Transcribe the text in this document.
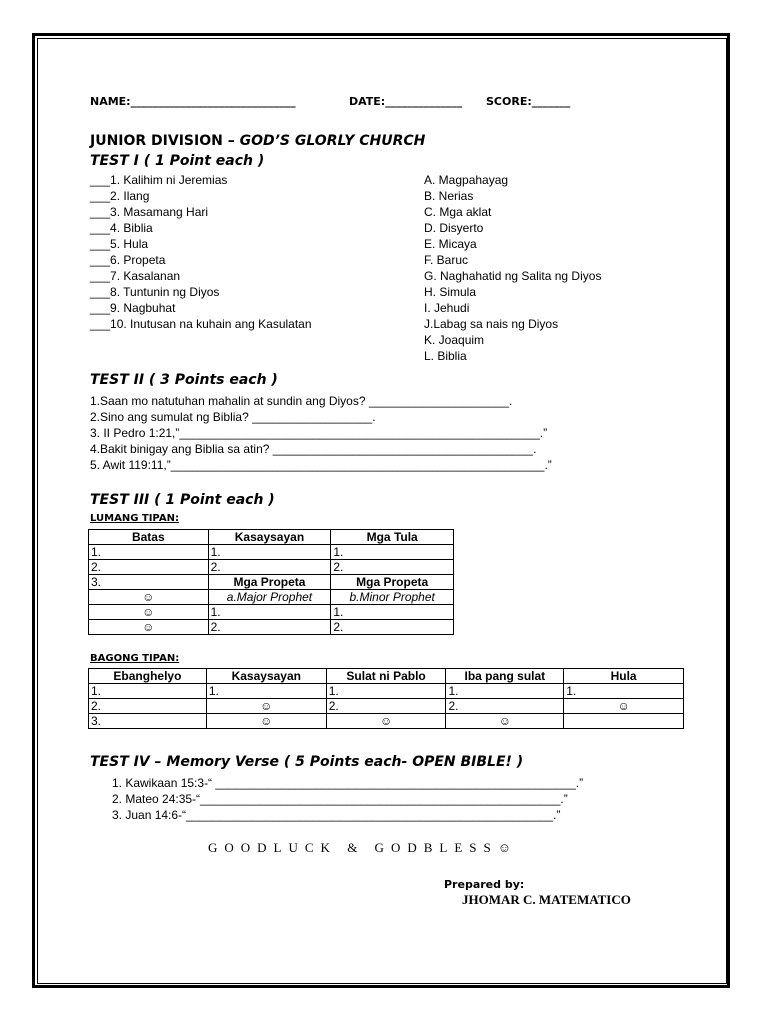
NAME:______________________________	DATE:______________ SCORE:_______
JUNIOR DIVISION – GOD’S GLORLY CHURCH
TEST I ( 1 Point each )
___1. Kalihim ni Jeremias
___2. Ilang
___3. Masamang Hari
___4. Biblia
___5. Hula
___6. Propeta
___7. Kasalanan
___8. Tuntunin ng Diyos
___9. Nagbuhat
___10. Inutusan na kuhain ang Kasulatan
A. Magpahayag
B. Nerias
C. Mga aklat
D. Disyerto
E. Micaya
F. Baruc
G. Naghahatid ng Salita ng Diyos
H. Simula
I. Jehudi
J.Labag sa nais ng Diyos
K. Joaquim
L. Biblia
TEST II ( 3 Points each )
1.Saan mo natutuhan mahalin at sundin ang Diyos? _____________________.
2.Sino ang sumulat ng Biblia? __________________.
3. II Pedro 1:21,”______________________________________________________.”
4.Bakit binigay ang Biblia sa atin? _______________________________________.
5. Awit 119:11,”________________________________________________________.”
TEST III ( 1 Point each )
LUMANG TIPAN:
Batas	Kasaysayan	Mga Tula
1.	1.	1.
2.	2.	2.
3.	Mga Propeta	Mga Propeta
☺	a.Major Prophet	b.Minor Prophet
☺	1.	1.
☺	2.	2.
BAGONG TIPAN:
Ebanghelyo	Kasaysayan	Sulat ni Pablo	Iba pang sulat	Hula
1.	1.	1.	1.	1.
2.	☺	2.	2.	☺
3.	☺	☺	☺	
TEST IV – Memory Verse ( 5 Points each- OPEN BIBLE! )
1. Kawikaan 15:3-“ ______________________________________________________.”
2. Mateo 24:35-“______________________________________________________.”
3. Juan 14:6-“_______________________________________________________.”
GOODLUCK & GODBLESS☺
Prepared by:
JHOMAR C. MATEMATICO
